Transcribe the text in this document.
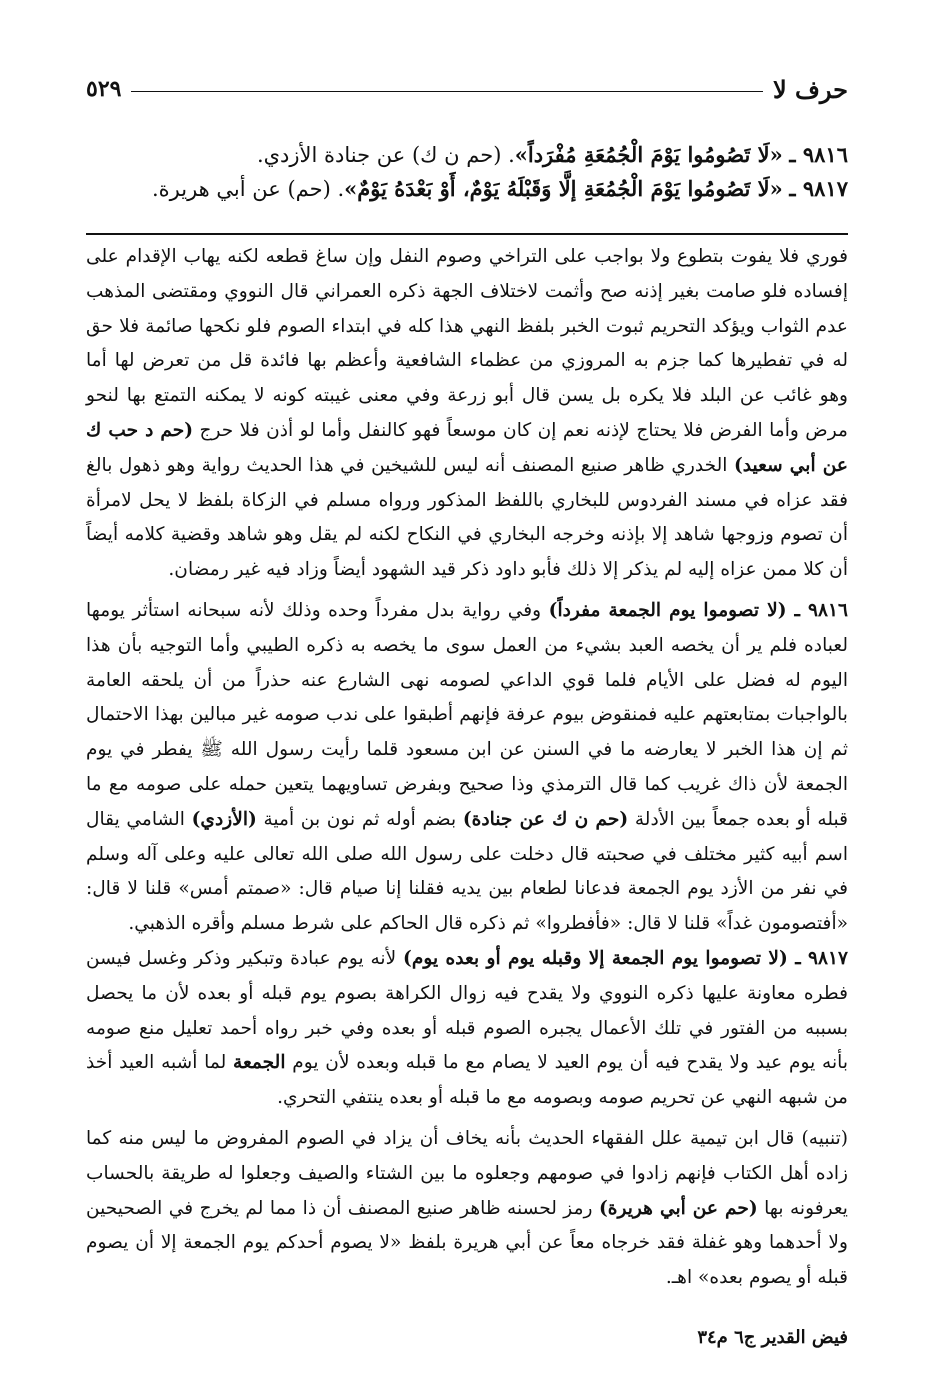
حرف لا
٥٢٩

٩٨١٦ ـ «لَا تَصُومُوا يَوْمَ الْجُمُعَةِ مُفْرَداً». (حم ن ك) عن جنادة الأزدي.

٩٨١٧ ـ «لَا تَصُومُوا يَوْمَ الْجُمُعَةِ إلَّا وَقَبْلَهُ يَوْمٌ، أَوْ بَعْدَهُ يَوْمٌ». (حم) عن أبي هريرة.

فوري فلا يفوت بتطوع ولا بواجب على التراخي وصوم النفل وإن ساغ قطعه لكنه يهاب الإقدام على إفساده فلو صامت بغير إذنه صح وأثمت لاختلاف الجهة ذكره العمراني قال النووي ومقتضى المذهب عدم الثواب ويؤكد التحريم ثبوت الخبر بلفظ النهي هذا كله في ابتداء الصوم فلو نكحها صائمة فلا حق له في تفطيرها كما جزم به المروزي من عظماء الشافعية وأعظم بها فائدة قل من تعرض لها أما وهو غائب عن البلد فلا يكره بل يسن قال أبو زرعة وفي معنى غيبته كونه لا يمكنه التمتع بها لنحو مرض وأما الفرض فلا يحتاج لإذنه نعم إن كان موسعاً فهو كالنفل وأما لو أذن فلا حرج (حم د حب ك عن أبي سعيد) الخدري ظاهر صنيع المصنف أنه ليس للشيخين في هذا الحديث رواية وهو ذهول بالغ فقد عزاه في مسند الفردوس للبخاري باللفظ المذكور ورواه مسلم في الزكاة بلفظ لا يحل لامرأة أن تصوم وزوجها شاهد إلا بإذنه وخرجه البخاري في النكاح لكنه لم يقل وهو شاهد وقضية كلامه أيضاً أن كلا ممن عزاه إليه لم يذكر إلا ذلك فأبو داود ذكر قيد الشهود أيضاً وزاد فيه غير رمضان.

٩٨١٦ ـ (لا تصوموا يوم الجمعة مفرداً) وفي رواية بدل مفرداً وحده وذلك لأنه سبحانه استأثر يومها لعباده فلم ير أن يخصه العبد بشيء من العمل سوى ما يخصه به ذكره الطيبي وأما التوجيه بأن هذا اليوم له فضل على الأيام فلما قوي الداعي لصومه نهى الشارع عنه حذراً من أن يلحقه العامة بالواجبات بمتابعتهم عليه فمنقوض بيوم عرفة فإنهم أطبقوا على ندب صومه غير مبالين بهذا الاحتمال ثم إن هذا الخبر لا يعارضه ما في السنن عن ابن مسعود قلما رأيت رسول الله ﷺ يفطر في يوم الجمعة لأن ذاك غريب كما قال الترمذي وذا صحيح وبفرض تساويهما يتعين حمله على صومه مع ما قبله أو بعده جمعاً بين الأدلة (حم ن ك عن جنادة) بضم أوله ثم نون بن أمية (الأزدي) الشامي يقال اسم أبيه كثير مختلف في صحبته قال دخلت على رسول الله صلى الله تعالى عليه وعلى آله وسلم في نفر من الأزد يوم الجمعة فدعانا لطعام بين يديه فقلنا إنا صيام قال: «صمتم أمس» قلنا لا قال: «أفتصومون غداً» قلنا لا قال: «فأفطروا» ثم ذكره قال الحاكم على شرط مسلم وأقره الذهبي.

٩٨١٧ ـ (لا تصوموا يوم الجمعة إلا وقبله يوم أو بعده يوم) لأنه يوم عبادة وتبكير وذكر وغسل فيسن فطره معاونة عليها ذكره النووي ولا يقدح فيه زوال الكراهة بصوم يوم قبله أو بعده لأن ما يحصل بسببه من الفتور في تلك الأعمال يجبره الصوم قبله أو بعده وفي خبر رواه أحمد تعليل منع صومه بأنه يوم عيد ولا يقدح فيه أن يوم العيد لا يصام مع ما قبله وبعده لأن يوم الجمعة لما أشبه العيد أخذ من شبهه النهي عن تحريم صومه وبصومه مع ما قبله أو بعده ينتفي التحري.

(تنبيه) قال ابن تيمية علل الفقهاء الحديث بأنه يخاف أن يزاد في الصوم المفروض ما ليس منه كما زاده أهل الكتاب فإنهم زادوا في صومهم وجعلوه ما بين الشتاء والصيف وجعلوا له طريقة بالحساب يعرفونه بها (حم عن أبي هريرة) رمز لحسنه ظاهر صنيع المصنف أن ذا مما لم يخرج في الصحيحين ولا أحدهما وهو غفلة فقد خرجاه معاً عن أبي هريرة بلفظ «لا يصوم أحدكم يوم الجمعة إلا أن يصوم قبله أو يصوم بعده» اهـ.

فيض القدير ج٦ م٣٤
